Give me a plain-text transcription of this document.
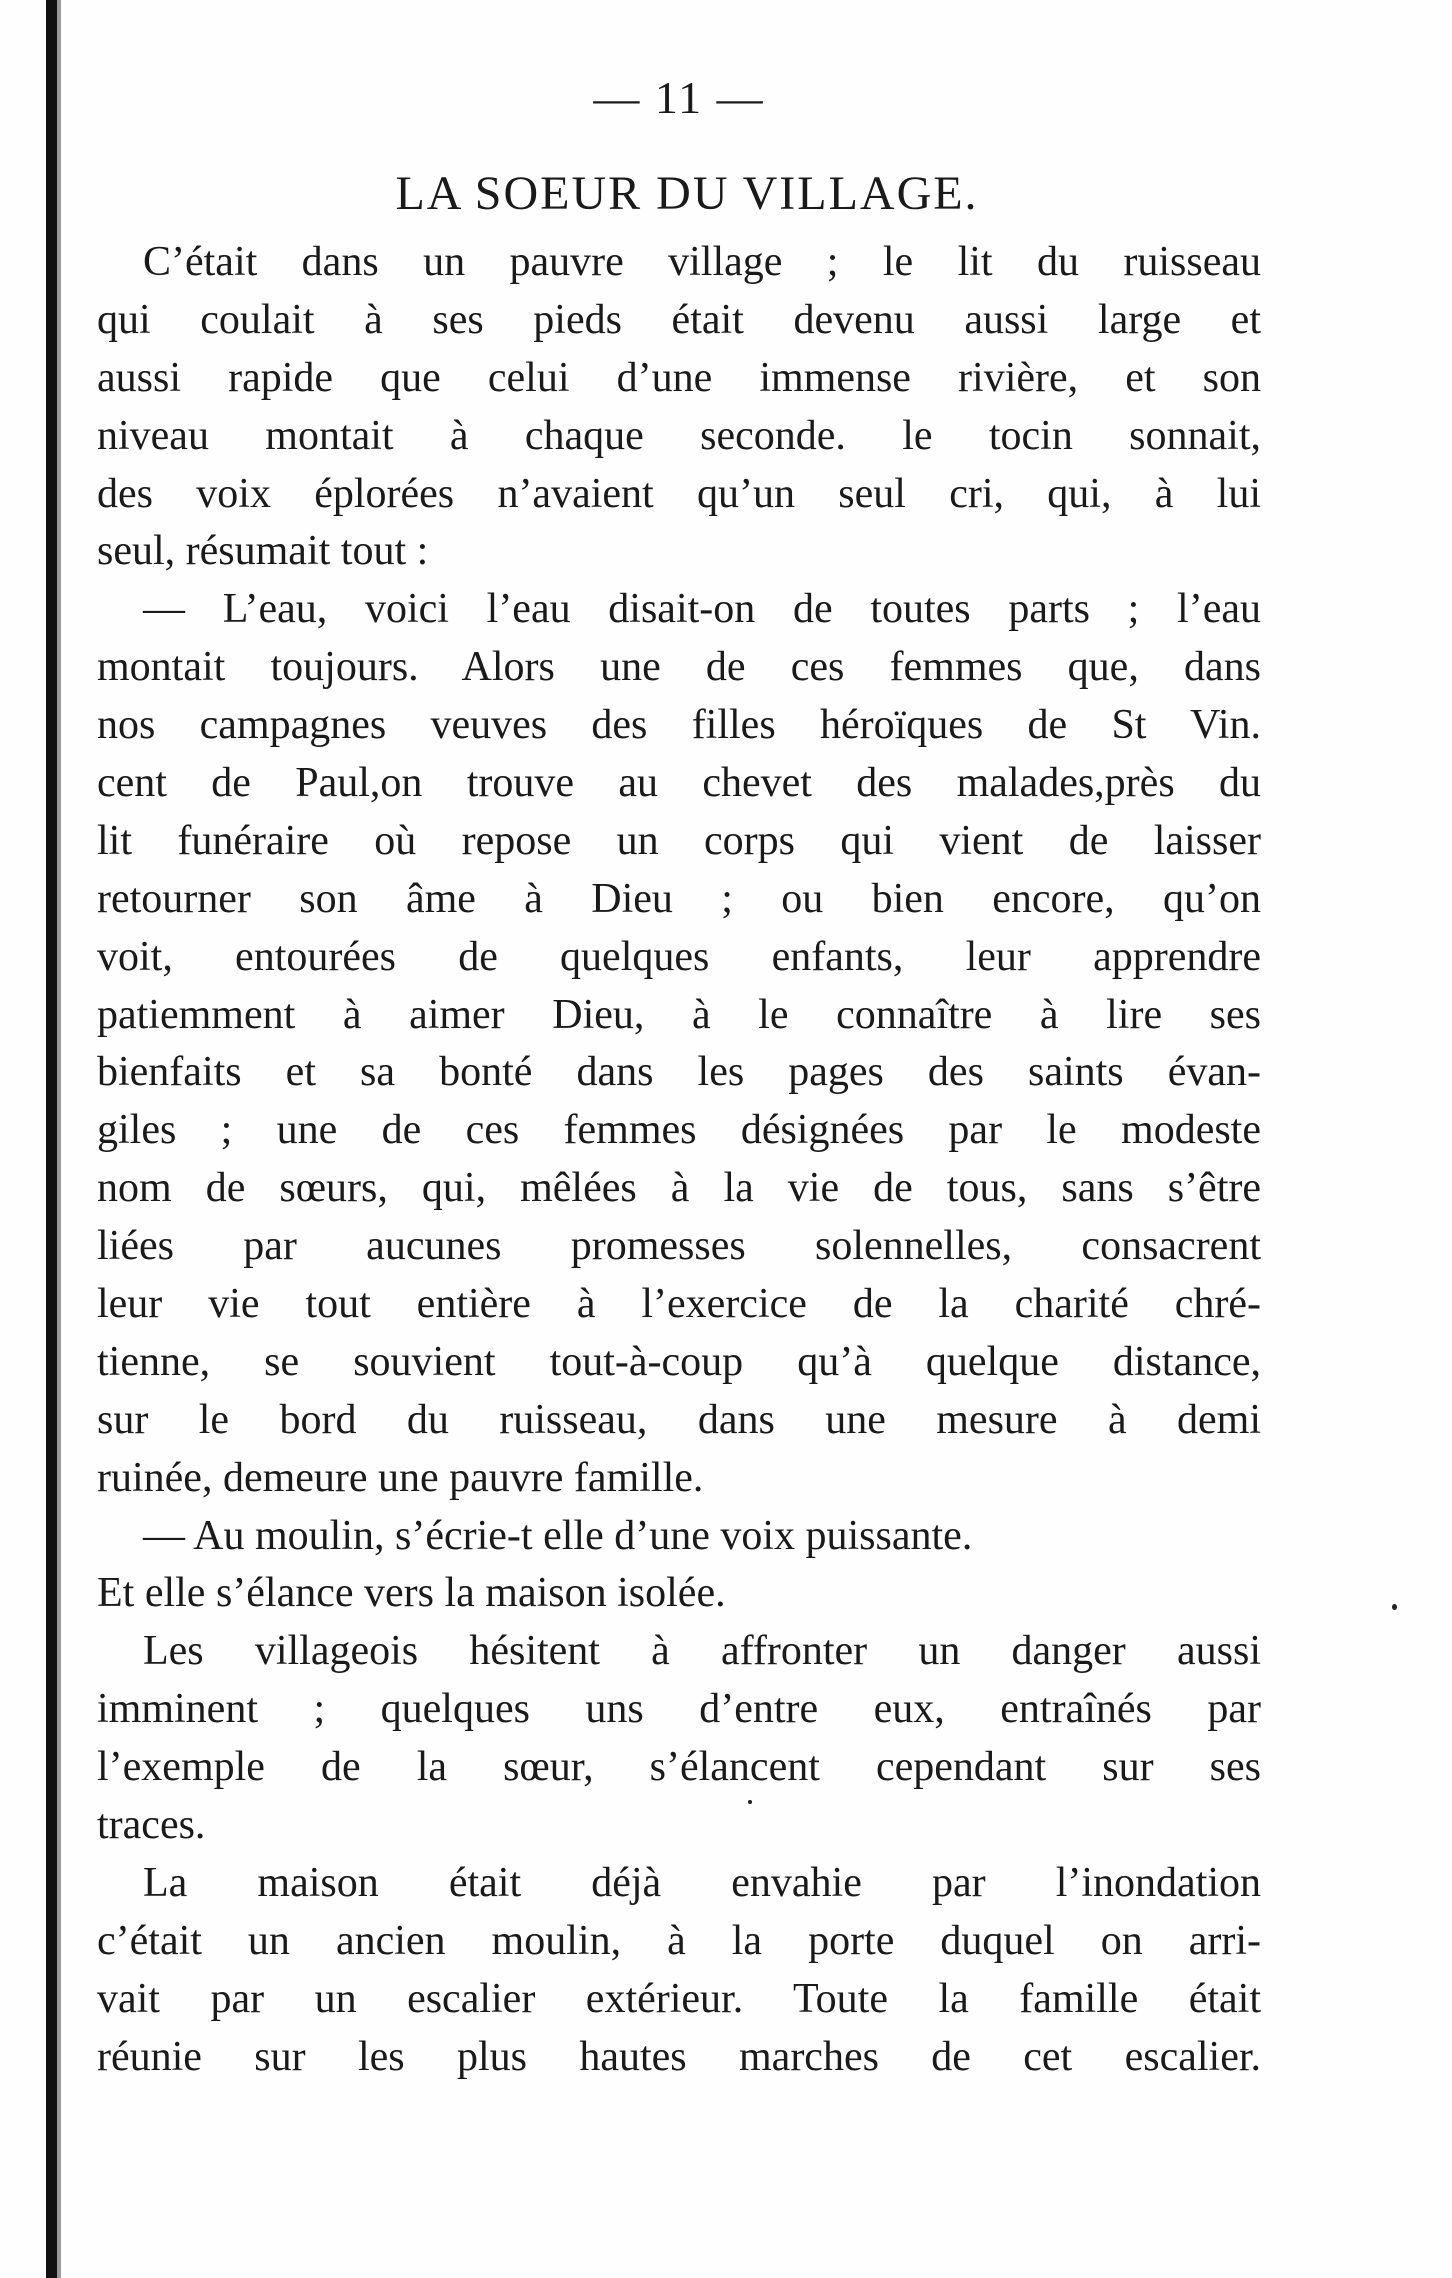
— 11 —
LA SOEUR DU VILLAGE.
C’était dans un pauvre village ; le lit du ruisseau
qui coulait à ses pieds était devenu aussi large et
aussi rapide que celui d’une immense rivière, et son
niveau montait à chaque seconde. le tocin sonnait,
des voix éplorées n’avaient qu’un seul cri, qui, à lui
seul, résumait tout :
— L’eau, voici l’eau disait-on de toutes parts ; l’eau
montait toujours. Alors une de ces femmes que, dans
nos campagnes veuves des filles héroïques de St Vin.
cent de Paul,on trouve au chevet des malades,près du
lit funéraire où repose un corps qui vient de laisser
retourner son âme à Dieu ; ou bien encore, qu’on
voit, entourées de quelques enfants, leur apprendre
patiemment à aimer Dieu, à le connaître à lire ses
bienfaits et sa bonté dans les pages des saints évan-
giles ; une de ces femmes désignées par le modeste
nom de sœurs, qui, mêlées à la vie de tous, sans s’être
liées par aucunes promesses solennelles, consacrent
leur vie tout entière à l’exercice de la charité chré-
tienne, se souvient tout-à-coup qu’à quelque distance,
sur le bord du ruisseau, dans une mesure à demi
ruinée, demeure une pauvre famille.
— Au moulin, s’écrie-t elle d’une voix puissante.
Et elle s’élance vers la maison isolée.
Les villageois hésitent à affronter un danger aussi
imminent ; quelques uns d’entre eux, entraînés par
l’exemple de la sœur, s’élancent cependant sur ses
traces.
La maison était déjà envahie par l’inondation
c’était un ancien moulin, à la porte duquel on arri-
vait par un escalier extérieur. Toute la famille était
réunie sur les plus hautes marches de cet escalier.
